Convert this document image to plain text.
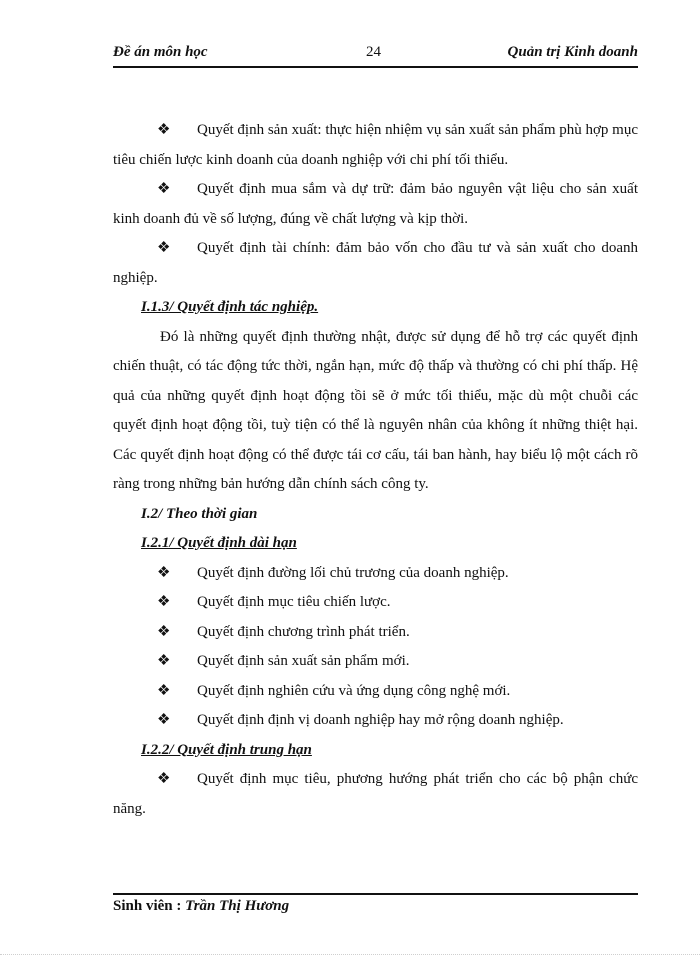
Đề án môn học	24	Quản trị Kinh doanh

❖ Quyết định sản xuất: thực hiện nhiệm vụ sản xuất sản phẩm phù hợp mục tiêu chiến lược kinh doanh của doanh nghiệp với chi phí tối thiểu.

❖ Quyết định mua sắm và dự trữ: đảm bảo nguyên vật liệu cho sản xuất kinh doanh đủ về số lượng, đúng về chất lượng và kịp thời.

❖ Quyết định tài chính: đảm bảo vốn cho đầu tư và sản xuất cho doanh nghiệp.

I.1.3/ Quyết định tác nghiệp.

Đó là những quyết định thường nhật, được sử dụng để hỗ trợ các quyết định chiến thuật, có tác động tức thời, ngắn hạn, mức độ thấp và thường có chi phí thấp. Hệ quả của những quyết định hoạt động tồi sẽ ở mức tối thiểu, mặc dù một chuỗi các quyết định hoạt động tồi, tuỳ tiện có thể là nguyên nhân của không ít những thiệt hại. Các quyết định hoạt động có thể được tái cơ cấu, tái ban hành, hay biểu lộ một cách rõ ràng trong những bản hướng dẫn chính sách công ty.

I.2/ Theo thời gian

I.2.1/ Quyết định dài hạn

❖ Quyết định đường lối chủ trương của doanh nghiệp.

❖ Quyết định mục tiêu chiến lược.

❖ Quyết định chương trình phát triển.

❖ Quyết định sản xuất sản phẩm mới.

❖ Quyết định nghiên cứu và ứng dụng công nghệ mới.

❖ Quyết định định vị doanh nghiệp hay mở rộng doanh nghiệp.

I.2.2/ Quyết định trung hạn

❖ Quyết định mục tiêu, phương hướng phát triển cho các bộ phận chức năng.

Sinh viên : Trần Thị Hương
